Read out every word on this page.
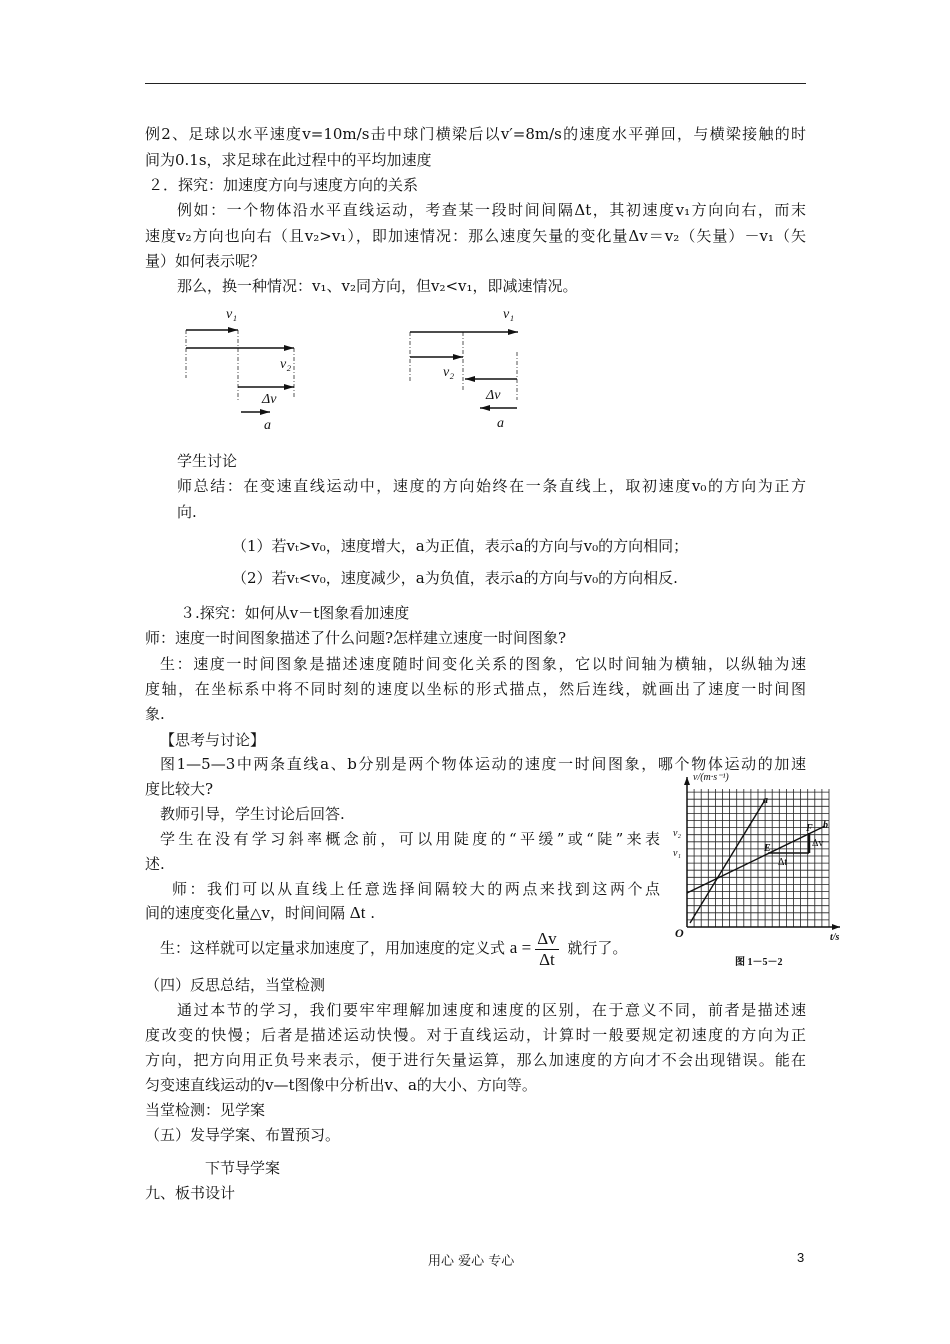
例2、足球以水平速度v=10m/s击中球门横梁后以v′=8m/s的速度水平弹回，与横梁接触的时
间为0.1s，求足球在此过程中的平均加速度
２．探究：加速度方向与速度方向的关系
例如：一个物体沿水平直线运动，考查某一段时间间隔Δt，其初速度v₁方向向右，而末
速度v₂方向也向右（且v₂>v₁），即加速情况：那么速度矢量的变化量Δv＝v₂（矢量）－v₁（矢
量）如何表示呢？
那么，换一种情况：v₁、v₂同方向，但v₂<v₁，即减速情况。
v₁
v₂
Δv
a
v₁
v₂
Δv
a
学生讨论
师总结：在变速直线运动中，速度的方向始终在一条直线上，取初速度v₀的方向为正方
向.
（1）若vₜ>v₀，速度增大，a为正值，表示a的方向与v₀的方向相同；
（2）若vₜ<v₀，速度减少，a为负值，表示a的方向与v₀的方向相反.
３.探究：如何从v－t图象看加速度
师：速度一时间图象描述了什么问题?怎样建立速度一时间图象?
生：速度一时间图象是描述速度随时间变化关系的图象，它以时间轴为横轴，以纵轴为速
度轴，在坐标系中将不同时刻的速度以坐标的形式描点，然后连线，就画出了速度一时间图
象.
【思考与讨论】
图1—5—3中两条直线a、b分别是两个物体运动的速度一时间图象，哪个物体运动的加速
度比较大?
教师引导，学生讨论后回答.
学生在没有学习斜率概念前，可以用陡度的“平缓”或“陡”来表
述.
师：我们可以从直线上任意选择间隔较大的两点来找到这两个点
间的速度变化量△v，时间间隔 Δt .
生：这样就可以定量求加速度了，用加速度的定义式 $a = \frac{\Delta v}{\Delta t}$ 就行了。
v/(m·s⁻¹)
t/s
O
v₂
v₁
a
b
F
E	Δv
Δt
图 1－5－2
（四）反思总结，当堂检测
通过本节的学习，我们要牢牢理解加速度和速度的区别，在于意义不同，前者是描述速
度改变的快慢；后者是描述运动快慢。对于直线运动，计算时一般要规定初速度的方向为正
方向，把方向用正负号来表示，便于进行矢量运算，那么加速度的方向才不会出现错误。能在
匀变速直线运动的v—t图像中分析出v、a的大小、方向等。
当堂检测：见学案
（五）发导学案、布置预习。
下节导学案
九、板书设计
用心 爱心 专心	3
